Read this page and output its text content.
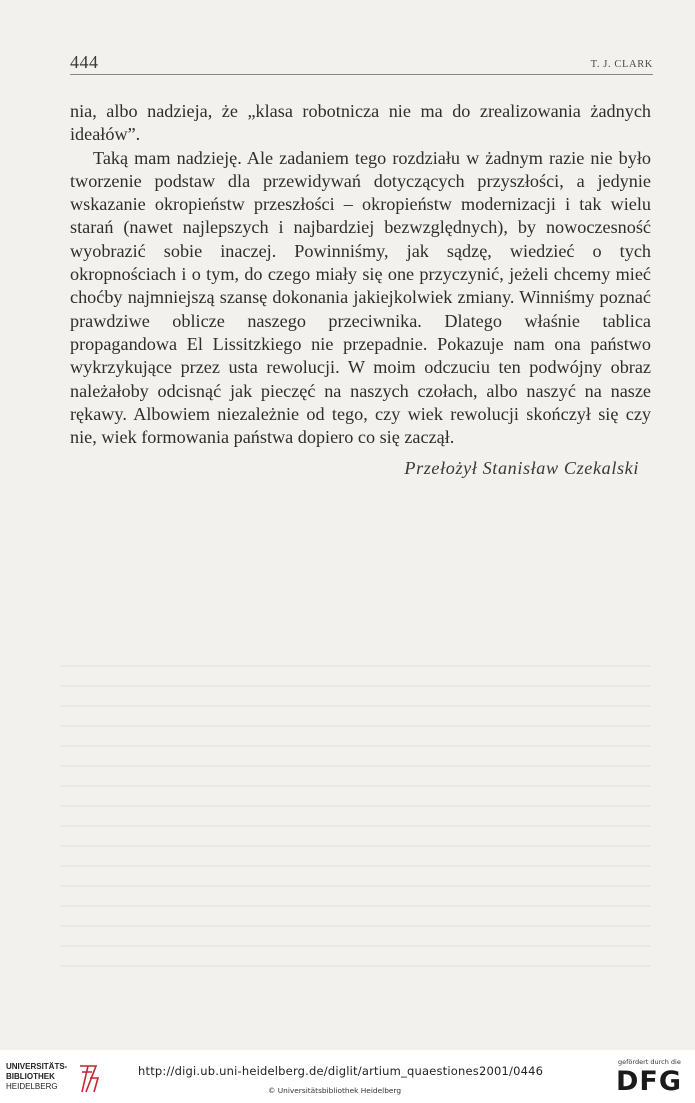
444	T. J. CLARK

nia, albo nadzieja, że „klasa robotnicza nie ma do zrealizowania żadnych ideałów”.

Taką mam nadzieję. Ale zadaniem tego rozdziału w żadnym razie nie było tworzenie podstaw dla przewidywań dotyczących przyszłości, a jedynie wskazanie okropieństw przeszłości – okropieństw modernizacji i tak wielu starań (nawet najlepszych i najbardziej bezwzględnych), by nowoczesność wyobrazić sobie inaczej. Powinniśmy, jak sądzę, wiedzieć o tych okropnościach i o tym, do czego miały się one przyczynić, jeżeli chcemy mieć choćby najmniejszą szansę dokonania jakiejkolwiek zmiany. Winniśmy poznać prawdziwe oblicze naszego przeciwnika. Dlatego właśnie tablica propagandowa El Lissitzkiego nie przepadnie. Pokazuje nam ona państwo wykrzykujące przez usta rewolucji. W moim odczuciu ten podwójny obraz należałoby odcisnąć jak pieczęć na naszych czołach, albo naszyć na nasze rękawy. Albowiem niezależnie od tego, czy wiek rewolucji skończył się czy nie, wiek formowania państwa dopiero co się zaczął.

Przełożył Stanisław Czekalski
UNIVERSITÄTS-
BIBLIOTHEK
HEIDELBERG
http://digi.ub.uni-heidelberg.de/diglit/artium_quaestiones2001/0446
© Universitätsbibliothek Heidelberg
gefördert durch die
DFG
